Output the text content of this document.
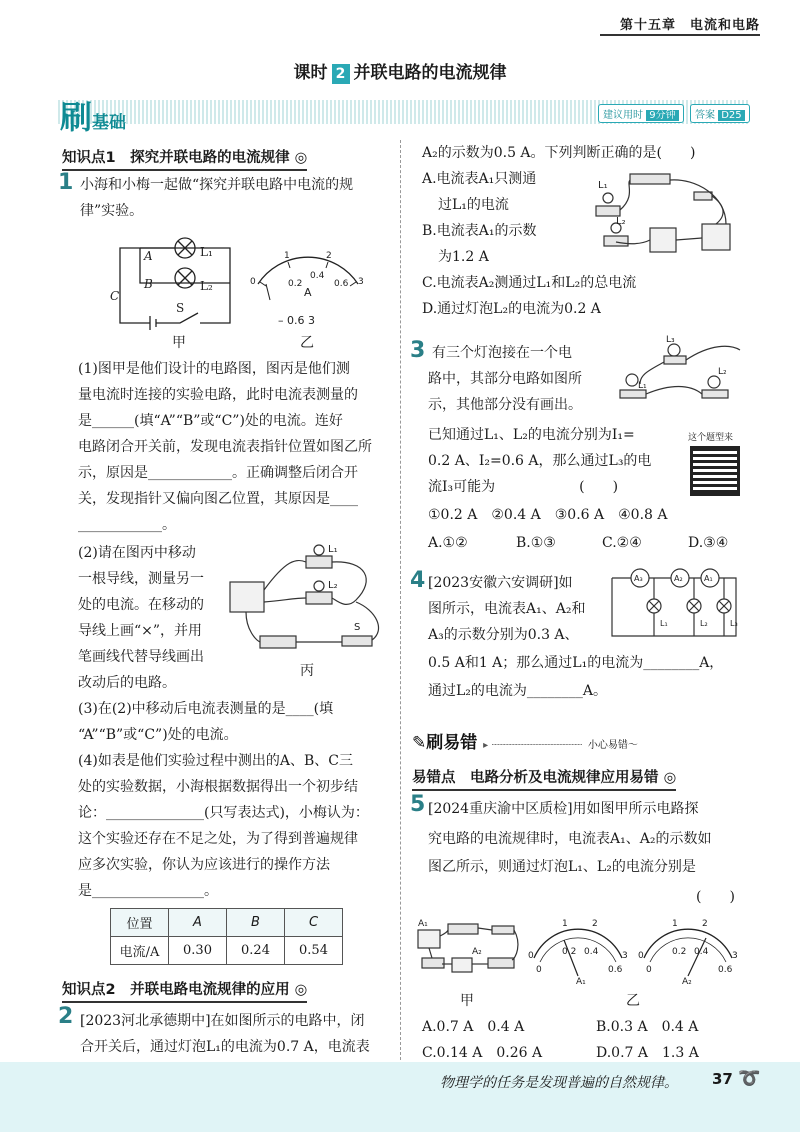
第十五章　电流和电路
课时 2 并联电路的电流规律
刷基础	建议用时 9分钟	答案 D25
知识点1　探究并联电路的电流规律 ◎
1 小海和小梅一起做“探究并联电路中电流的规
律”实验。
A
B
C
L₁
L₂
S
甲
0
1	2
3
0.2
0.4
0.6
A
– 0.6 3
乙
(1)图甲是他们设计的电路图，图丙是他们测
量电流时连接的实验电路，此时电流表测量的
是______(填“A”“B”或“C”)处的电流。连好
电路闭合开关前，发现电流表指针位置如图乙所
示，原因是____________。正确调整后闭合开
关，发现指针又偏向图乙位置，其原因是____
____________。
(2)请在图丙中移动
一根导线，测量另一
处的电流。在移动的
导线上画“×”，并用
笔画线代替导线画出
改动后的电路。
L₁
L₂
S
丙
(3)在(2)中移动后电流表测量的是____(填
“A”“B”或“C”)处的电流。
(4)如表是他们实验过程中测出的A、B、C三
处的实验数据，小海根据数据得出一个初步结
论：______________(只写表达式)，小梅认为：
这个实验还存在不足之处，为了得到普遍规律
应多次实验，你认为应该进行的操作方法
是________________。
位置	A	B	C
电流/A	0.30	0.24	0.54
知识点2　并联电路电流规律的应用 ◎
2 [2023河北承德期中]在如图所示的电路中，闭
合开关后，通过灯泡L₁的电流为0.7 A，电流表
A₂的示数为0.5 A。下列判断正确的是(　　)
A.电流表A₁只测通
过L₁的电流
B.电流表A₁的示数
为1.2 A
C.电流表A₂测通过L₁和L₂的总电流
D.通过灯泡L₂的电流为0.2 A
L₁
L₂
3 有三个灯泡接在一个电
路中，其部分电路如图所
示，其他部分没有画出。
已知通过L₁、L₂的电流分别为I₁=
0.2 A、I₂=0.6 A，那么通过L₃的电
流I₃可能为　　　　　　(　　)
①0.2 A　②0.4 A　③0.6 A　④0.8 A
A.①②	B.①③	C.②④	D.③④
L₃
L₁
L₂
这个题型来
4 [2023安徽六安调研]如
图所示，电流表A₁、A₂和
A₃的示数分别为0.3 A、
0.5 A和1 A；那么通过L₁的电流为________A，
通过L₂的电流为________A。
A₃	A₂	A₁
L₁	L₂	L₃
✎刷易错 ▸ ┈┈┈┈┈┈┈┈┈┈┈┈┈┈┈ 小心易错～
易错点　电路分析及电流规律应用易错 ◎
5 [2024重庆渝中区质检]用如图甲所示电路探
究电路的电流规律时，电流表A₁、A₂的示数如
图乙所示，则通过灯泡L₁、L₂的电流分别是
(　　)
A₁
A₂
甲
0
1	2
3
0
0.2 0.4
0.6
A₁
0
1	2
3
0
0.2 0.4
0.6
A₂
乙
A.0.7 A　0.4 A	B.0.3 A　0.4 A
C.0.14 A　0.26 A	D.0.7 A　1.3 A
物理学的任务是发现普遍的自然规律。 37 ➰
